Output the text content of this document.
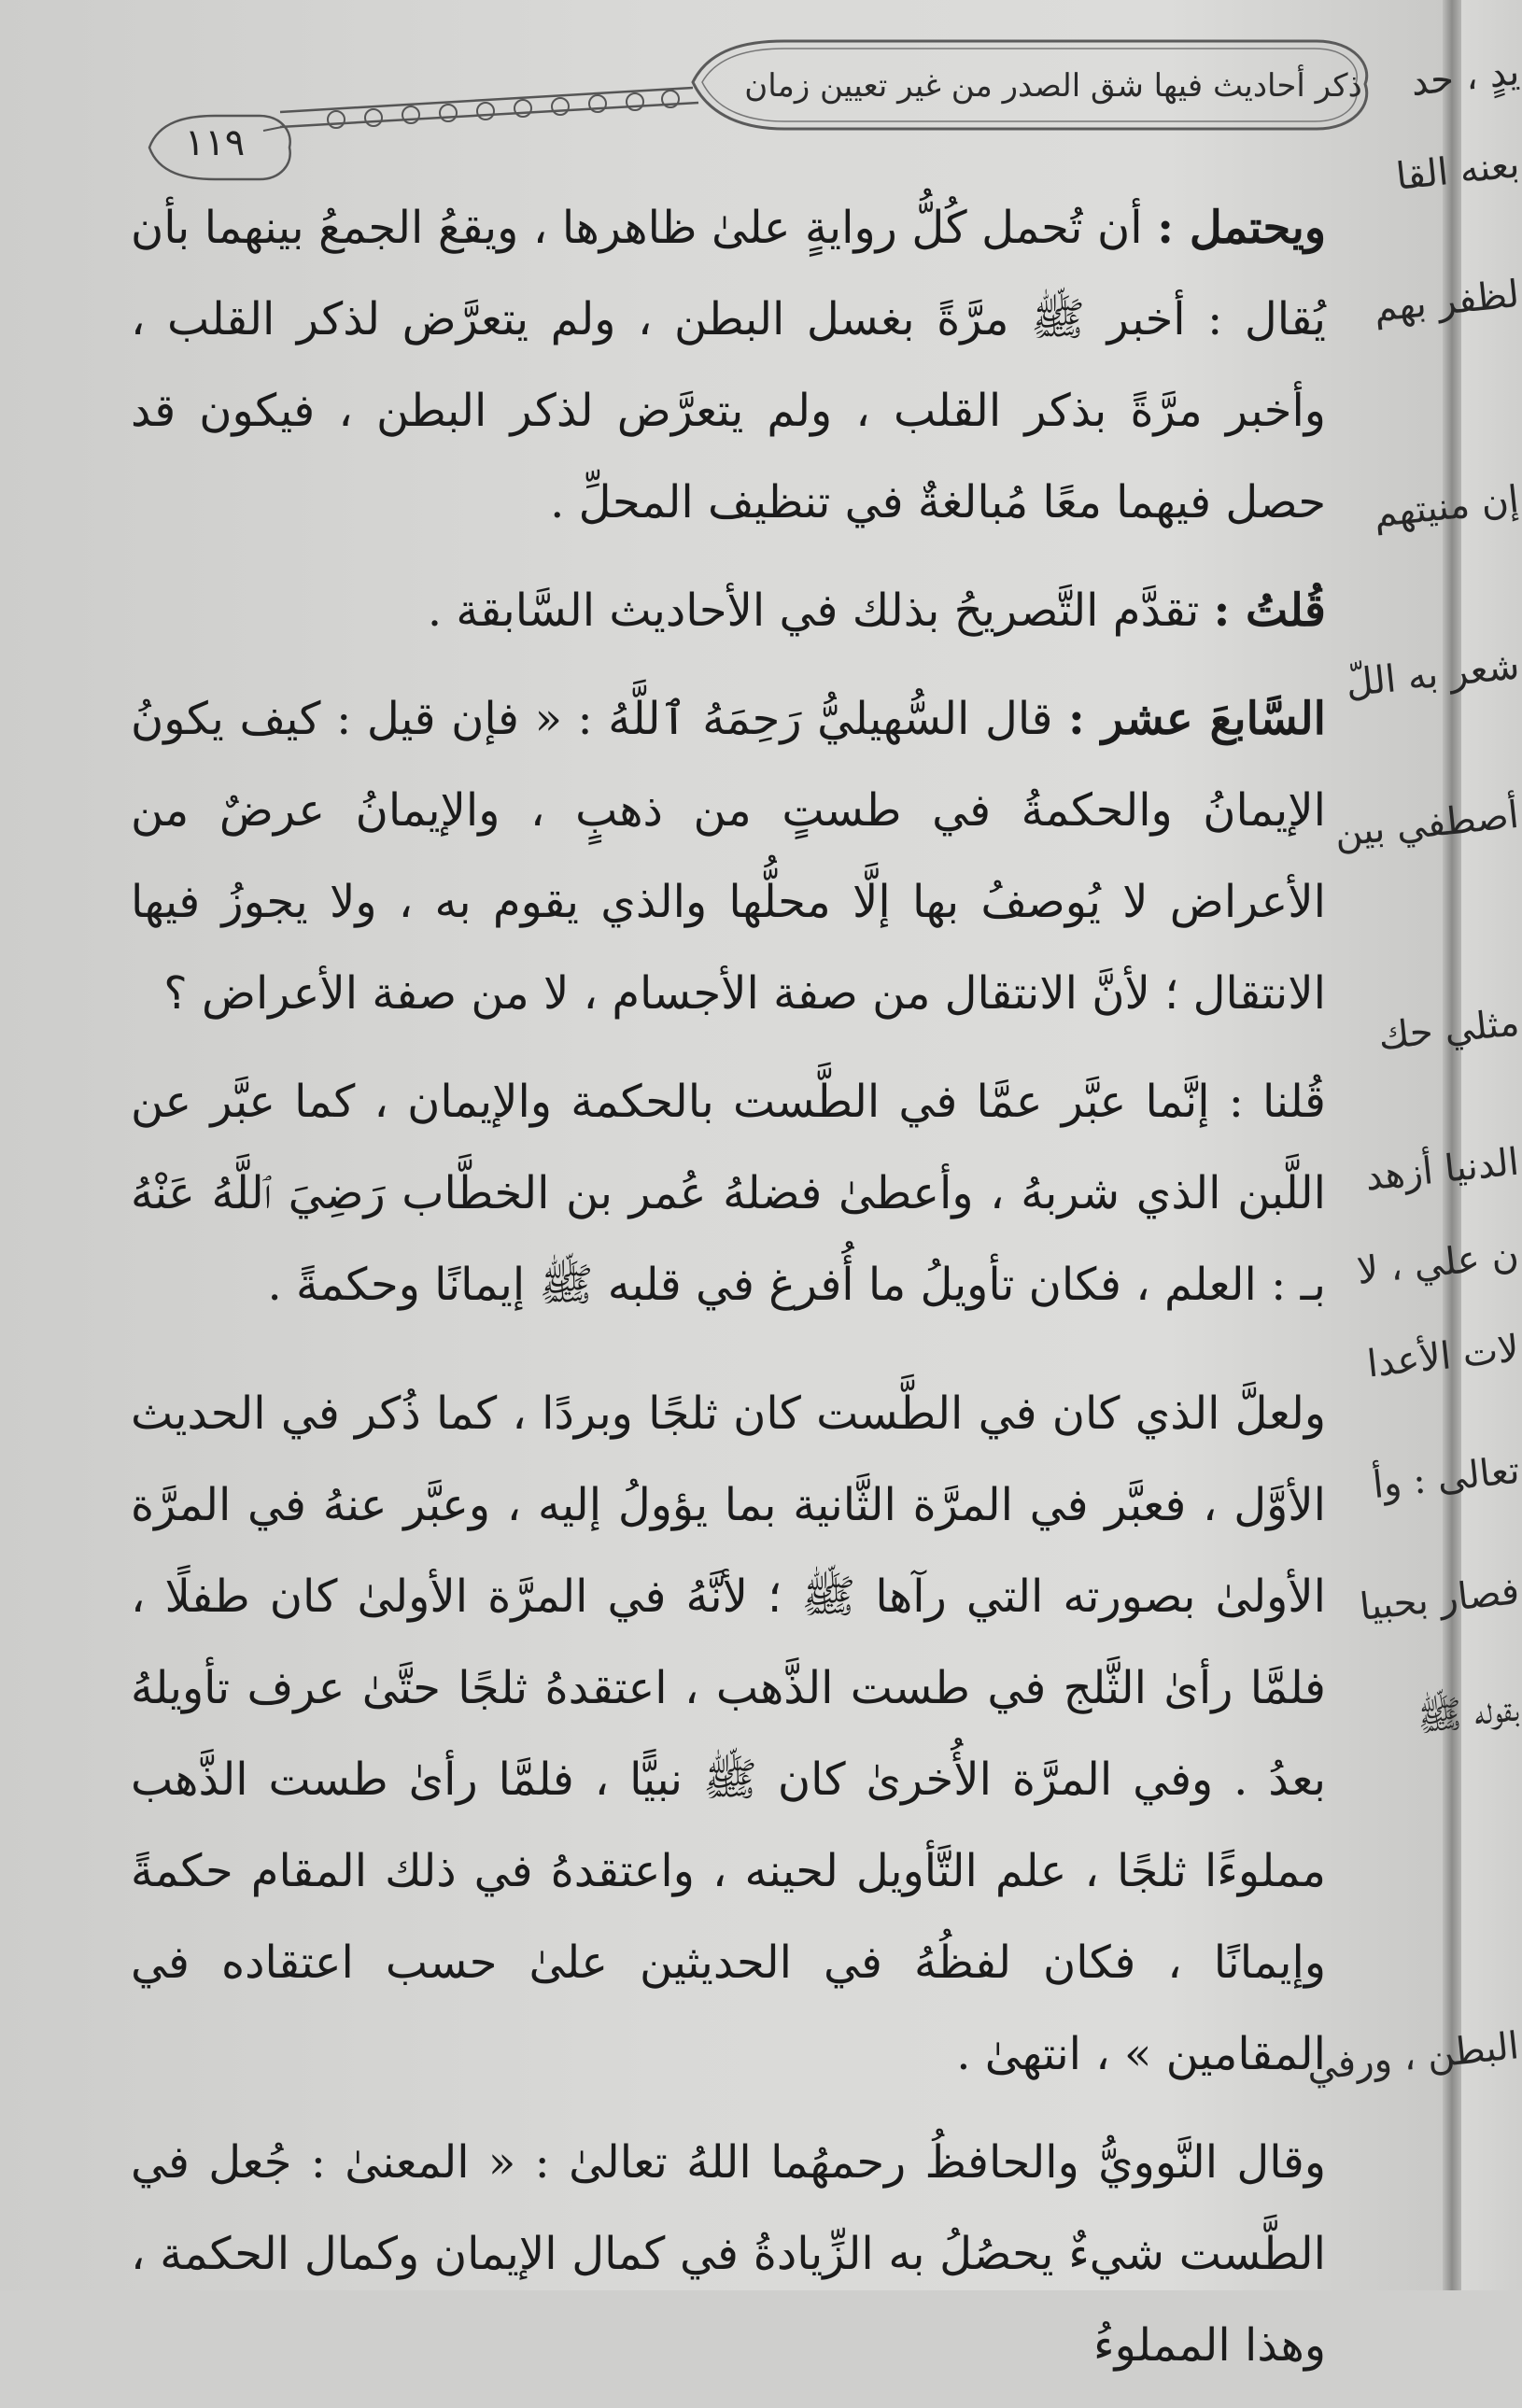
ذكر أحاديث فيها شق الصدر من غير تعيين زمان
١١٩

ويحتمل : أن تُحمل كُلُّ روايةٍ علىٰ ظاهرها ، ويقعُ الجمعُ بينهما بأن يُقال : أخبر ﷺ مرَّةً بغسل البطن ، ولم يتعرَّض لذكر القلب ، وأخبر مرَّةً بذكر القلب ، ولم يتعرَّض لذكر البطن ، فيكون قد حصل فيهما معًا مُبالغةٌ في تنظيف المحلِّ .

قُلتُ : تقدَّم التَّصريحُ بذلك في الأحاديث السَّابقة .

السَّابعَ عشر : قال السُّهيليُّ رَحِمَهُ ٱللَّهُ : « فإن قيل : كيف يكونُ الإيمانُ والحكمةُ في طستٍ من ذهبٍ ، والإيمانُ عرضٌ من الأعراض لا يُوصفُ بها إلَّا محلُّها والذي يقوم به ، ولا يجوزُ فيها الانتقال ؛ لأنَّ الانتقال من صفة الأجسام ، لا من صفة الأعراض ؟

قُلنا : إنَّما عبَّر عمَّا في الطَّست بالحكمة والإيمان ، كما عبَّر عن اللَّبن الذي شربهُ ، وأعطىٰ فضلهُ عُمر بن الخطَّاب رَضِيَ ٱللَّهُ عَنْهُ بـ : العلم ، فكان تأويلُ ما أُفرغ في قلبه ﷺ إيمانًا وحكمةً .

ولعلَّ الذي كان في الطَّست كان ثلجًا وبردًا ، كما ذُكر في الحديث الأوَّل ، فعبَّر في المرَّة الثَّانية بما يؤولُ إليه ، وعبَّر عنهُ في المرَّة الأولىٰ بصورته التي رآها ﷺ ؛ لأنَّهُ في المرَّة الأولىٰ كان طفلًا ، فلمَّا رأىٰ الثَّلج في طست الذَّهب ، اعتقدهُ ثلجًا حتَّىٰ عرف تأويلهُ بعدُ . وفي المرَّة الأُخرىٰ كان ﷺ نبيًّا ، فلمَّا رأىٰ طست الذَّهب مملوءًا ثلجًا ، علم التَّأويل لحينه ، واعتقدهُ في ذلك المقام حكمةً وإيمانًا ، فكان لفظُهُ في الحديثين علىٰ حسب اعتقاده في المقامين » ، انتهىٰ .

وقال النَّوويُّ والحافظُ رحمهُما اللهُ تعالىٰ : « المعنىٰ : جُعل في الطَّست شيءٌ يحصُلُ به الزِّيادةُ في كمال الإيمان وكمال الحكمة ، وهذا المملوءُ

يدٍ ، حد
بعنه القا
لظفر بهم
إن منيتهم
شعر به اللّ
أصطفي بين
مثلي حك
الدنيا أزهد
ن علي ، لا
لات الأعدا
تعالى : وأ
فصار بحبيا
بقوله ﷺ
البطن ، ورفي
